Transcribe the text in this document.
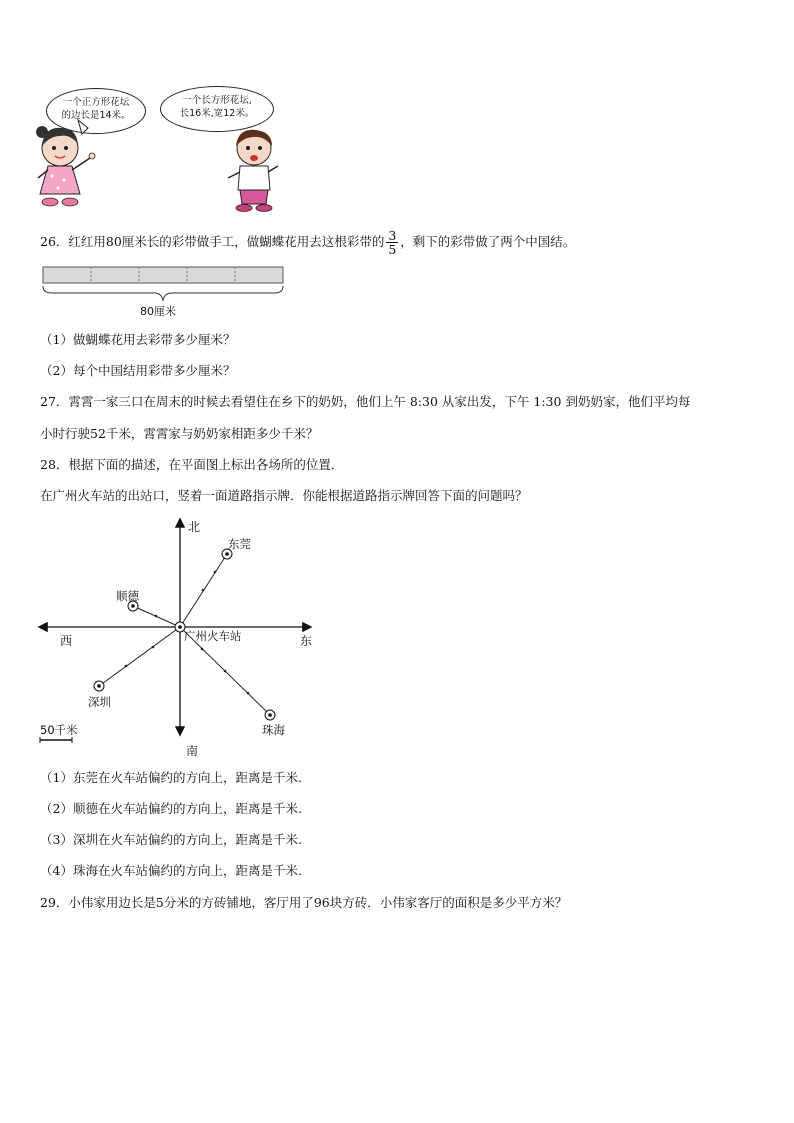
一个正方形花坛
的边长是14米。
一个长方形花坛,
长16米,宽12米。
26．红红用80厘米长的彩带做手工，做蝴蝶花用去这根彩带的 $\frac{3}{5}$ ，剩下的彩带做了两个中国结。
80厘米
（1）做蝴蝶花用去彩带多少厘米？
（2）每个中国结用彩带多少厘米？
27．霄霄一家三口在周末的时候去看望住在乡下的奶奶，他们上午 8:30 从家出发，下午 1:30 到奶奶家，他们平均每
小时行驶52千米，霄霄家与奶奶家相距多少千米？
28．根据下面的描述，在平面图上标出各场所的位置．
在广州火车站的出站口，竖着一面道路指示牌．你能根据道路指示牌回答下面的问题吗？
北
南
东
西	广州火车站
东莞
顺德
深圳
珠海
50千米
（1）东莞在火车站偏约的方向上，距离是千米.
（2）顺德在火车站偏约的方向上，距离是千米.
（3）深圳在火车站偏约的方向上，距离是千米.
（4）珠海在火车站偏约的方向上，距离是千米.
29．小伟家用边长是5分米的方砖铺地，客厅用了96块方砖．小伟家客厅的面积是多少平方米？
